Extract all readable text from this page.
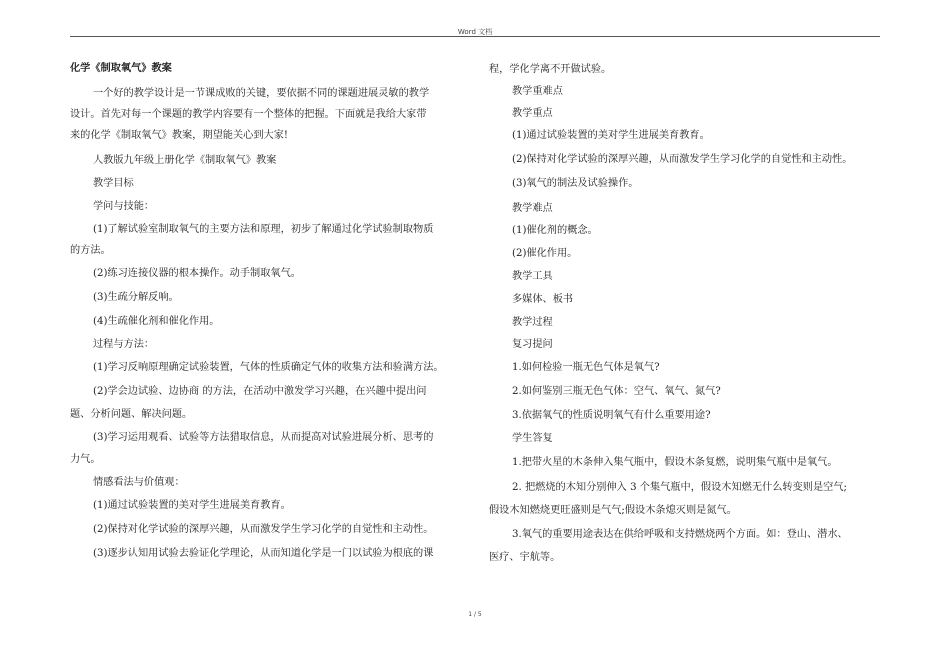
Word 文档
化学《制取氧气》教案
一个好的教学设计是一节课成败的关键，要依据不同的课题进展灵敏的教学
设计。首先对每一个课题的教学内容要有一个整体的把握。下面就是我给大家带
来的化学《制取氧气》教案，期望能关心到大家!
人教版九年级上册化学《制取氧气》教案
教学目标
学问与技能：
(1)了解试验室制取氧气的主要方法和原理，初步了解通过化学试验制取物质
的方法。
(2)练习连接仪器的根本操作。动手制取氧气。
(3)生疏分解反响。
(4)生疏催化剂和催化作用。
过程与方法：
(1)学习反响原理确定试验装置，气体的性质确定气体的收集方法和验满方法。
(2)学会边试验、边协商 的方法，在活动中激发学习兴趣，在兴趣中提出问
题、分析问题、解决问题。
(3)学习运用观看、试验等方法猎取信息，从而提高对试验进展分析、思考的
力气。
情感看法与价值观：
(1)通过试验装置的美对学生进展美育教育。
(2)保持对化学试验的深厚兴趣，从而激发学生学习化学的自觉性和主动性。
(3)逐步认知用试验去验证化学理论，从而知道化学是一门以试验为根底的课
程，学化学离不开做试验。
教学重难点
教学重点
(1)通过试验装置的美对学生进展美育教育。
(2)保持对化学试验的深厚兴趣，从而激发学生学习化学的自觉性和主动性。
(3)氧气的制法及试验操作。
教学难点
(1)催化剂的概念。
(2)催化作用。
教学工具
多媒体、板书
教学过程
复习提问
1.如何检验一瓶无色气体是氧气?
2.如何鉴别三瓶无色气体：空气、氧气、氮气?
3.依据氧气的性质说明氧气有什么重要用途?
学生答复
1.把带火星的木条伸入集气瓶中，假设木条复燃，说明集气瓶中是氧气。
2. 把燃烧的木知分别伸入 3 个集气瓶中，假设木知燃无什么转变则是空气;
假设木知燃烧更旺盛则是气气;假设木条熄灭则是氮气。
3.氧气的重要用途表达在供给呼吸和支持燃烧两个方面。如：登山、潜水、
医疗、宇航等。
1 / 5
